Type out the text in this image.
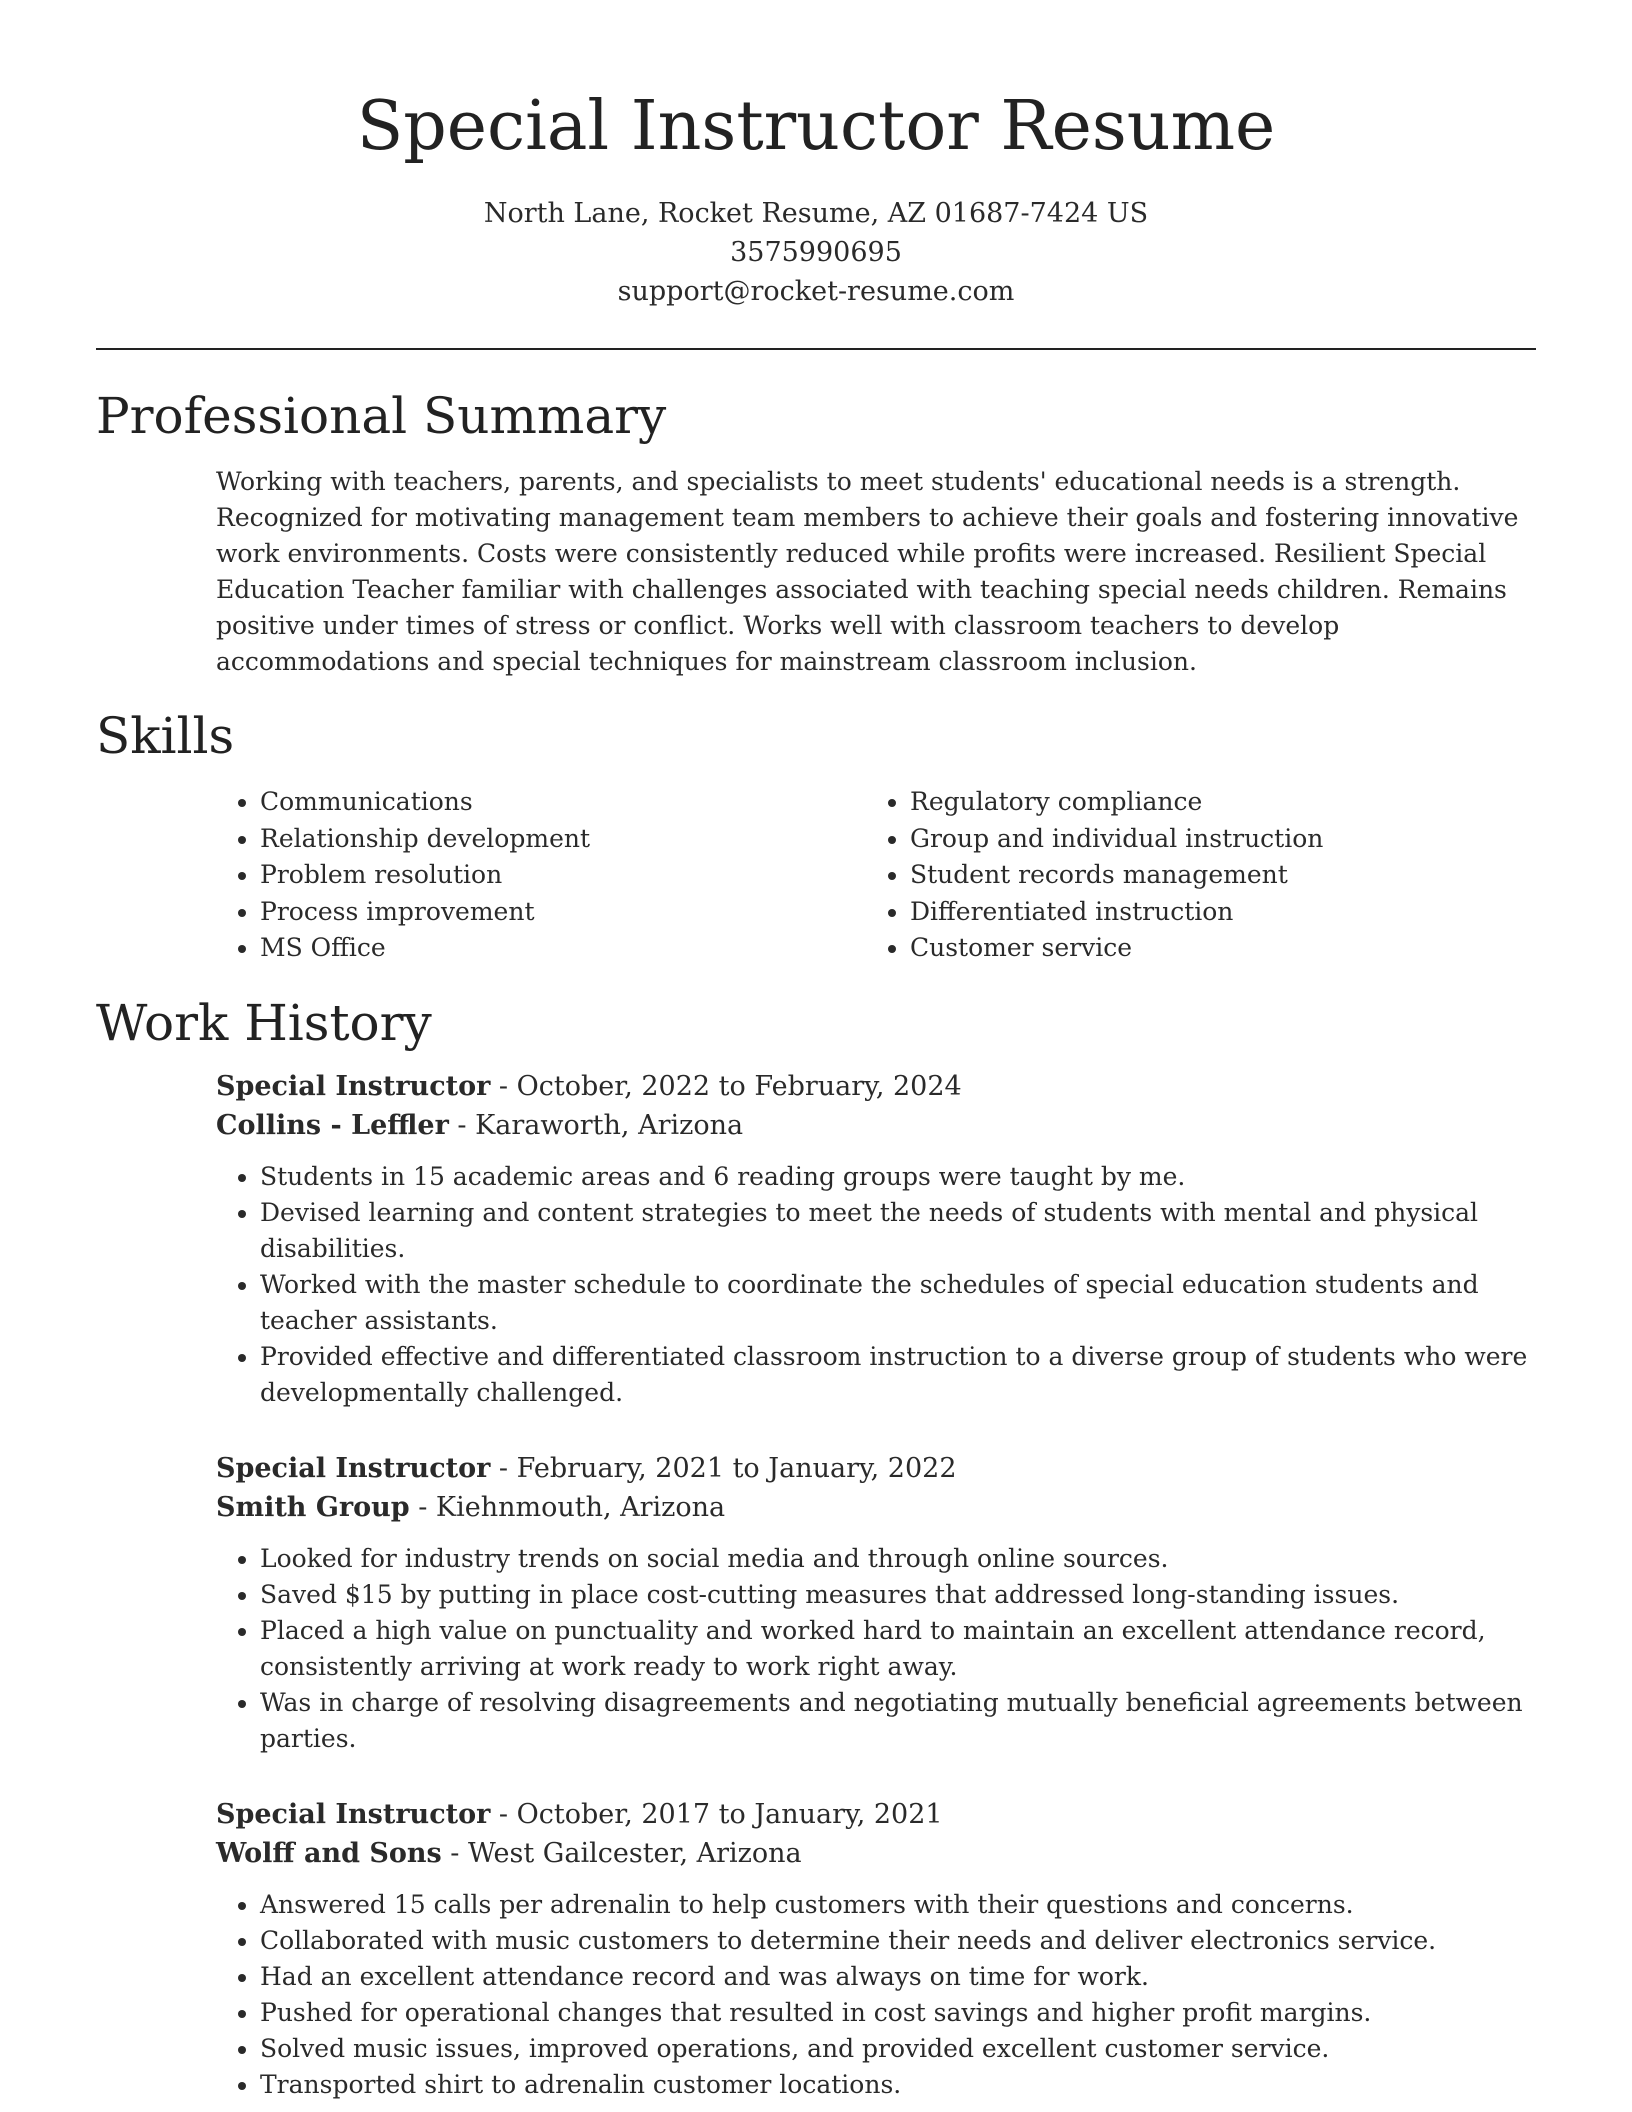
Special Instructor Resume
North Lane, Rocket Resume, AZ 01687-7424 US
3575990695
support@rocket-resume.com
Professional Summary

Working with teachers, parents, and specialists to meet students' educational needs is a strength. Recognized for motivating management team members to achieve their goals and fostering innovative work environments. Costs were consistently reduced while profits were increased. Resilient Special Education Teacher familiar with challenges associated with teaching special needs children. Remains positive under times of stress or conflict. Works well with classroom teachers to develop accommodations and special techniques for mainstream classroom inclusion.

Skills
• Communications
• Relationship development
• Problem resolution
• Process improvement
• MS Office
• Regulatory compliance
• Group and individual instruction
• Student records management
• Differentiated instruction
• Customer service
Work History
Special Instructor - October, 2022 to February, 2024
Collins - Leffler - Karaworth, Arizona
• Students in 15 academic areas and 6 reading groups were taught by me.
• Devised learning and content strategies to meet the needs of students with mental and physical disabilities.
• Worked with the master schedule to coordinate the schedules of special education students and teacher assistants.
• Provided effective and differentiated classroom instruction to a diverse group of students who were developmentally challenged.
Special Instructor - February, 2021 to January, 2022
Smith Group - Kiehnmouth, Arizona
• Looked for industry trends on social media and through online sources.
• Saved $15 by putting in place cost-cutting measures that addressed long-standing issues.
• Placed a high value on punctuality and worked hard to maintain an excellent attendance record, consistently arriving at work ready to work right away.
• Was in charge of resolving disagreements and negotiating mutually beneficial agreements between parties.
Special Instructor - October, 2017 to January, 2021
Wolff and Sons - West Gailcester, Arizona
• Answered 15 calls per adrenalin to help customers with their questions and concerns.
• Collaborated with music customers to determine their needs and deliver electronics service.
• Had an excellent attendance record and was always on time for work.
• Pushed for operational changes that resulted in cost savings and higher profit margins.
• Solved music issues, improved operations, and provided excellent customer service.
• Transported shirt to adrenalin customer locations.
